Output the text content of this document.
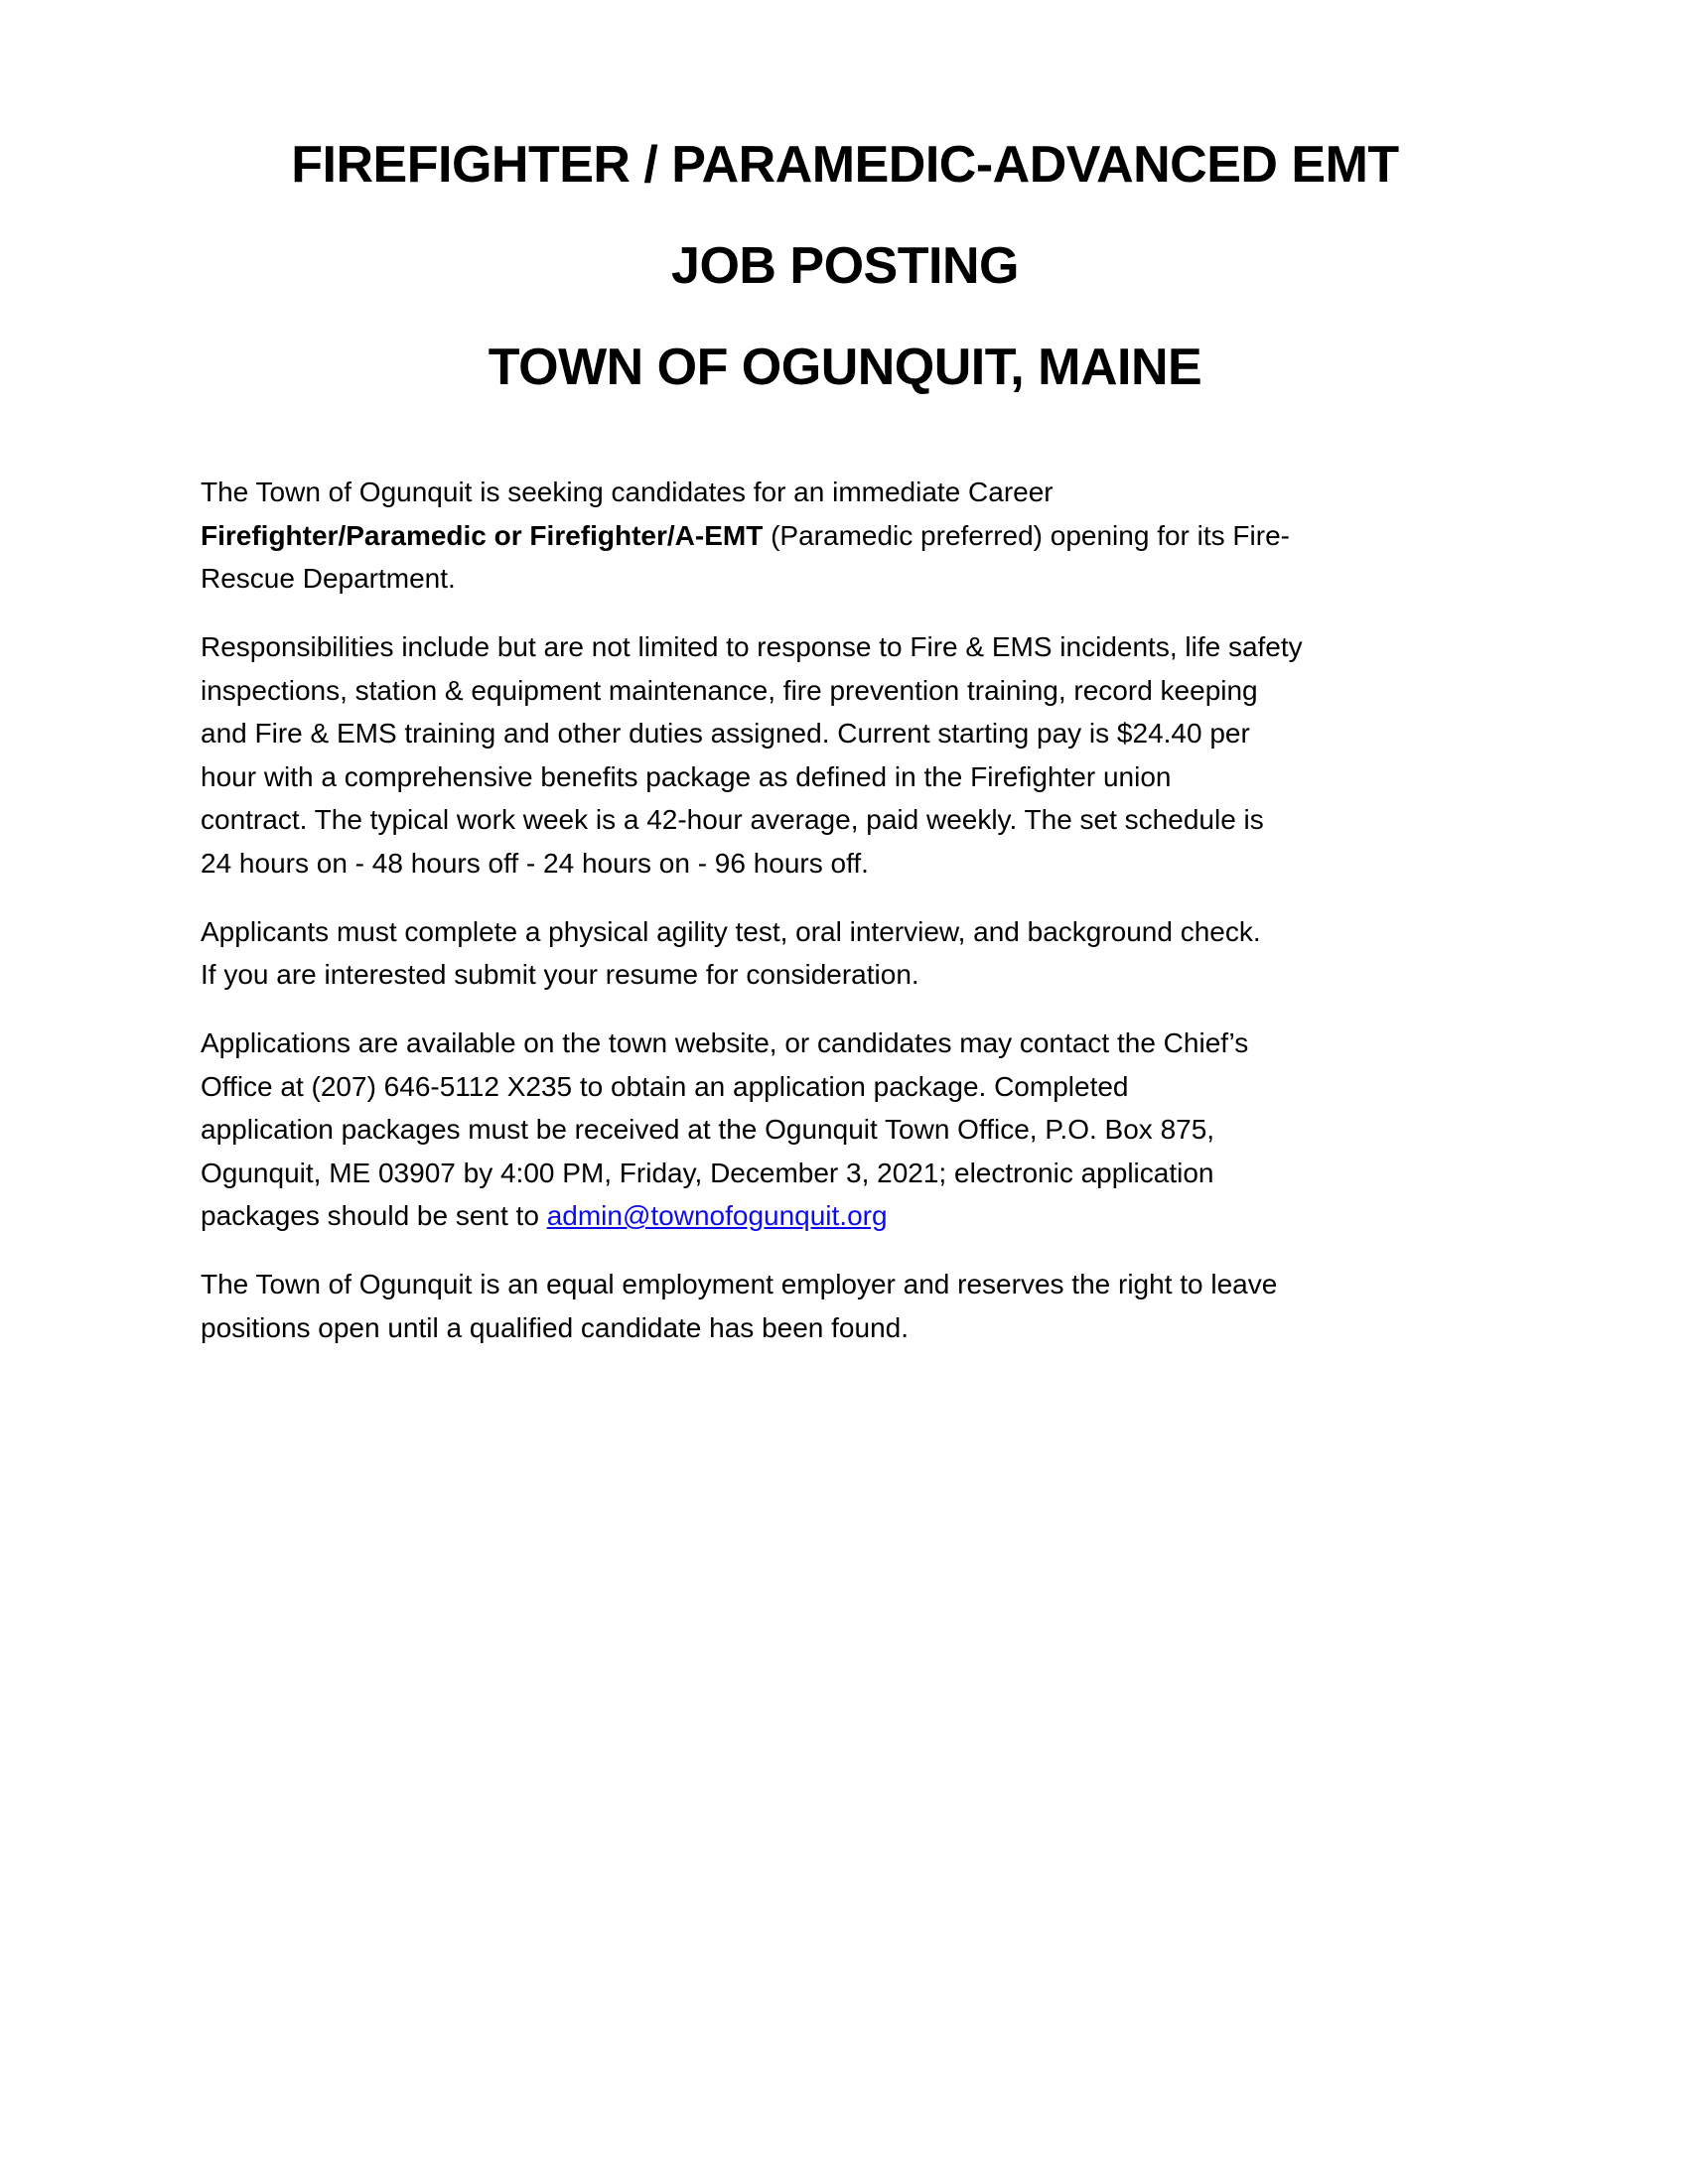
FIREFIGHTER / PARAMEDIC-ADVANCED EMT
JOB POSTING
TOWN OF OGUNQUIT, MAINE
The Town of Ogunquit is seeking candidates for an immediate Career
Firefighter/Paramedic or Firefighter/A-EMT (Paramedic preferred) opening for its Fire-
Rescue Department.
Responsibilities include but are not limited to response to Fire & EMS incidents, life safety
inspections, station & equipment maintenance, fire prevention training, record keeping
and Fire & EMS training and other duties assigned. Current starting pay is $24.40 per
hour with a comprehensive benefits package as defined in the Firefighter union
contract. The typical work week is a 42-hour average, paid weekly. The set schedule is
24 hours on - 48 hours off - 24 hours on - 96 hours off.
Applicants must complete a physical agility test, oral interview, and background check.
If you are interested submit your resume for consideration.
Applications are available on the town website, or candidates may contact the Chief’s
Office at (207) 646-5112 X235 to obtain an application package. Completed
application packages must be received at the Ogunquit Town Office, P.O. Box 875,
Ogunquit, ME 03907 by 4:00 PM, Friday, December 3, 2021; electronic application
packages should be sent to admin@townofogunquit.org
The Town of Ogunquit is an equal employment employer and reserves the right to leave
positions open until a qualified candidate has been found.
